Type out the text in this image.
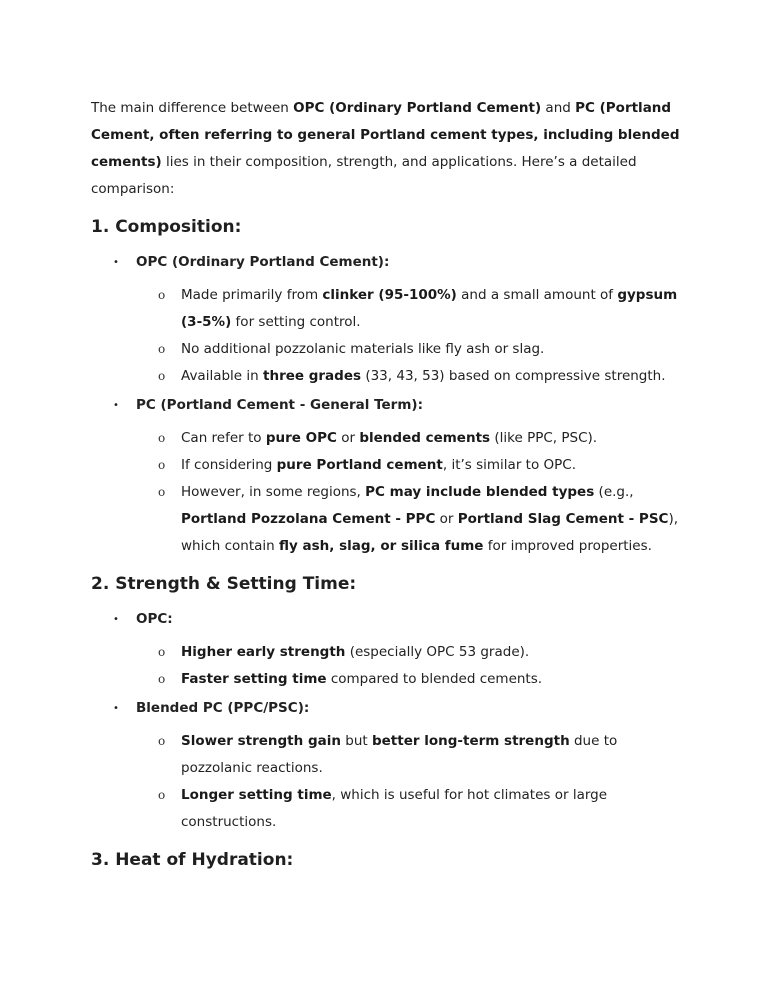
The main difference between OPC (Ordinary Portland Cement) and PC (Portland Cement, often referring to general Portland cement types, including blended cements) lies in their composition, strength, and applications. Here’s a detailed comparison:

1. Composition:
• OPC (Ordinary Portland Cement):
o Made primarily from clinker (95-100%) and a small amount of gypsum (3-5%) for setting control.
o No additional pozzolanic materials like fly ash or slag.
o Available in three grades (33, 43, 53) based on compressive strength.
• PC (Portland Cement - General Term):
o Can refer to pure OPC or blended cements (like PPC, PSC).
o If considering pure Portland cement, it’s similar to OPC.
o However, in some regions, PC may include blended types (e.g., Portland Pozzolana Cement - PPC or Portland Slag Cement - PSC), which contain fly ash, slag, or silica fume for improved properties.
2. Strength & Setting Time:
• OPC:
o Higher early strength (especially OPC 53 grade).
o Faster setting time compared to blended cements.
• Blended PC (PPC/PSC):
o Slower strength gain but better long-term strength due to pozzolanic reactions.
o Longer setting time, which is useful for hot climates or large constructions.
3. Heat of Hydration:
